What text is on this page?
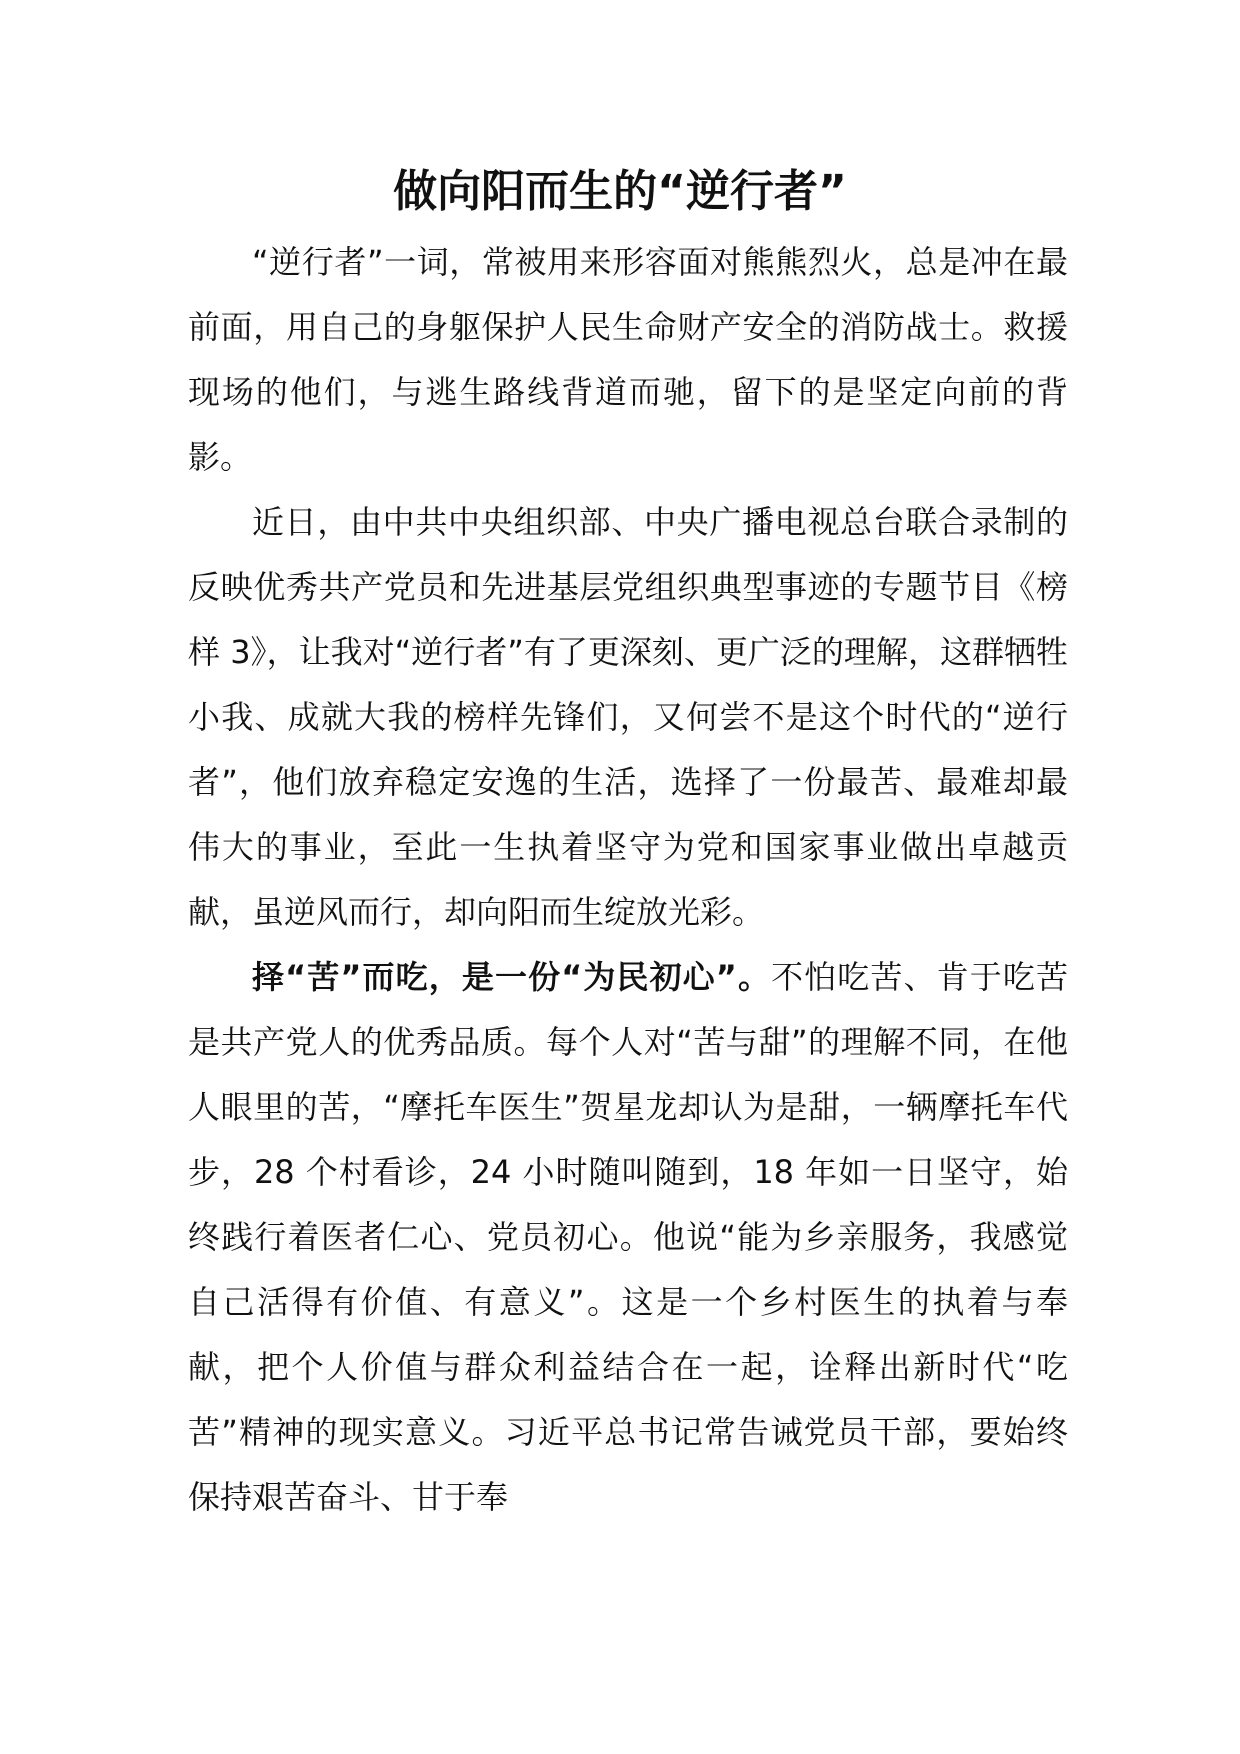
做向阳而生的“逆行者”

“逆行者”一词，常被用来形容面对熊熊烈火，总是冲在最前面，用自己的身躯保护人民生命财产安全的消防战士。救援现场的他们，与逃生路线背道而驰，留下的是坚定向前的背影。

近日，由中共中央组织部、中央广播电视总台联合录制的反映优秀共产党员和先进基层党组织典型事迹的专题节目《榜样 3》，让我对“逆行者”有了更深刻、更广泛的理解，这群牺牲小我、成就大我的榜样先锋们，又何尝不是这个时代的“逆行者”，他们放弃稳定安逸的生活，选择了一份最苦、最难却最伟大的事业，至此一生执着坚守为党和国家事业做出卓越贡献，虽逆风而行，却向阳而生绽放光彩。

择“苦”而吃，是一份“为民初心”。不怕吃苦、肯于吃苦是共产党人的优秀品质。每个人对“苦与甜”的理解不同，在他人眼里的苦，“摩托车医生”贺星龙却认为是甜，一辆摩托车代步，28 个村看诊，24 小时随叫随到，18 年如一日坚守，始终践行着医者仁心、党员初心。他说“能为乡亲服务，我感觉自己活得有价值、有意义”。这是一个乡村医生的执着与奉献，把个人价值与群众利益结合在一起，诠释出新时代“吃苦”精神的现实意义。习近平总书记常告诫党员干部，要始终保持艰苦奋斗、甘于奉
